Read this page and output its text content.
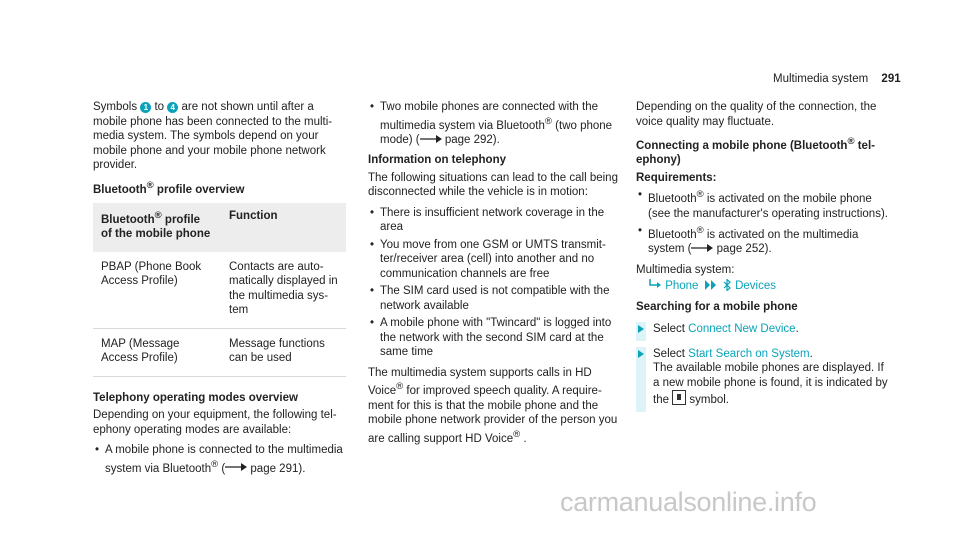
Multimedia system 291

Symbols 1 to 4 are not shown until after a mobile phone has been connected to the multimedia system. The symbols depend on your mobile phone and your mobile phone network provider.

Bluetooth® profile overview

Bluetooth® profile of the mobile phone	Function
PBAP (Phone Book Access Profile)	Contacts are automatically displayed in the multimedia system
MAP (Message Access Profile)	Message functions can be used

Telephony operating modes overview

Depending on your equipment, the following telephony operating modes are available:

• A mobile phone is connected to the multimedia system via Bluetooth® ( page 291).
• Two mobile phones are connected with the multimedia system via Bluetooth® (two phone mode) ( page 292).

Information on telephony

The following situations can lead to the call being disconnected while the vehicle is in motion:

• There is insufficient network coverage in the area
• You move from one GSM or UMTS transmitter/receiver area (cell) into another and no communication channels are free
• The SIM card used is not compatible with the network available
• A mobile phone with "Twincard" is logged into the network with the second SIM card at the same time

The multimedia system supports calls in HD Voice® for improved speech quality. A requirement for this is that the mobile phone and the mobile phone network provider of the person you are calling support HD Voice® .

Depending on the quality of the connection, the voice quality may fluctuate.

Connecting a mobile phone (Bluetooth® telephony)

Requirements:

• Bluetooth® is activated on the mobile phone (see the manufacturer's operating instructions).
• Bluetooth® is activated on the multimedia system ( page 252).

Multimedia system:

Phone	Devices

Searching for a mobile phone

Select Connect New Device.
Select Start Search on System.
The available mobile phones are displayed. If a new mobile phone is found, it is indicated by the  symbol.
carmanualsonline.info
